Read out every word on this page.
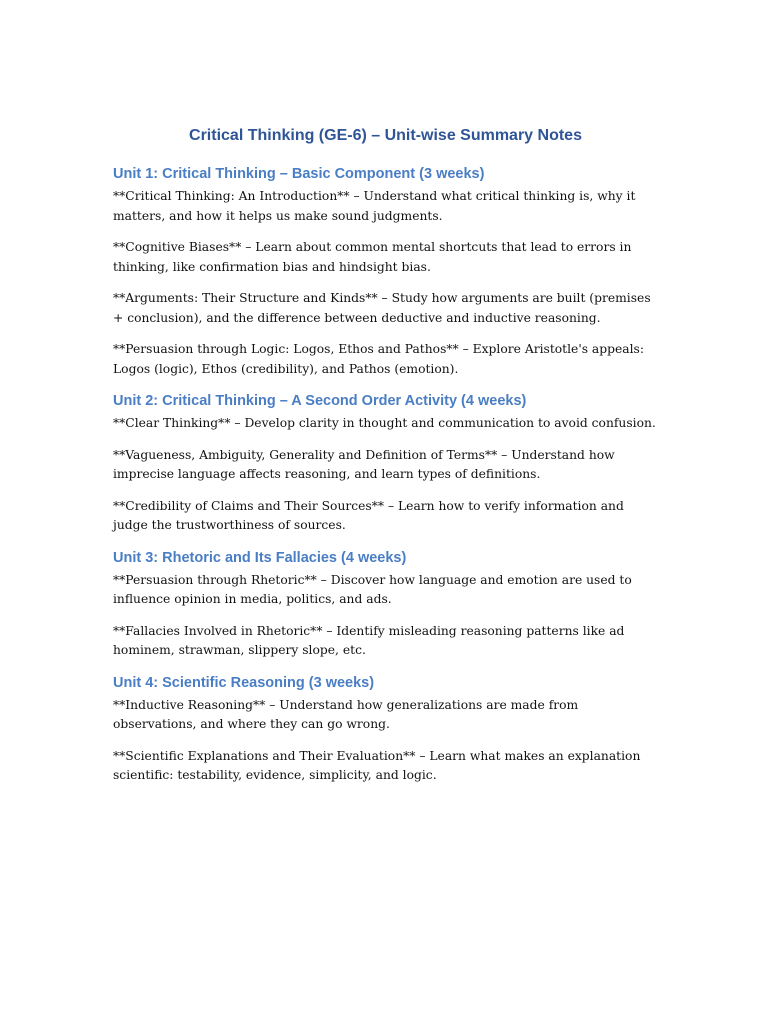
Critical Thinking (GE-6) – Unit-wise Summary Notes
Unit 1: Critical Thinking – Basic Component (3 weeks)

**Critical Thinking: An Introduction** – Understand what critical thinking is, why it matters, and how it helps us make sound judgments.

**Cognitive Biases** – Learn about common mental shortcuts that lead to errors in thinking, like confirmation bias and hindsight bias.

**Arguments: Their Structure and Kinds** – Study how arguments are built (premises + conclusion), and the difference between deductive and inductive reasoning.

**Persuasion through Logic: Logos, Ethos and Pathos** – Explore Aristotle's appeals: Logos (logic), Ethos (credibility), and Pathos (emotion).

Unit 2: Critical Thinking – A Second Order Activity (4 weeks)

**Clear Thinking** – Develop clarity in thought and communication to avoid confusion.

**Vagueness, Ambiguity, Generality and Definition of Terms** – Understand how imprecise language affects reasoning, and learn types of definitions.

**Credibility of Claims and Their Sources** – Learn how to verify information and judge the trustworthiness of sources.

Unit 3: Rhetoric and Its Fallacies (4 weeks)

**Persuasion through Rhetoric** – Discover how language and emotion are used to influence opinion in media, politics, and ads.

**Fallacies Involved in Rhetoric** – Identify misleading reasoning patterns like ad hominem, strawman, slippery slope, etc.

Unit 4: Scientific Reasoning (3 weeks)

**Inductive Reasoning** – Understand how generalizations are made from observations, and where they can go wrong.

**Scientific Explanations and Their Evaluation** – Learn what makes an explanation scientific: testability, evidence, simplicity, and logic.
